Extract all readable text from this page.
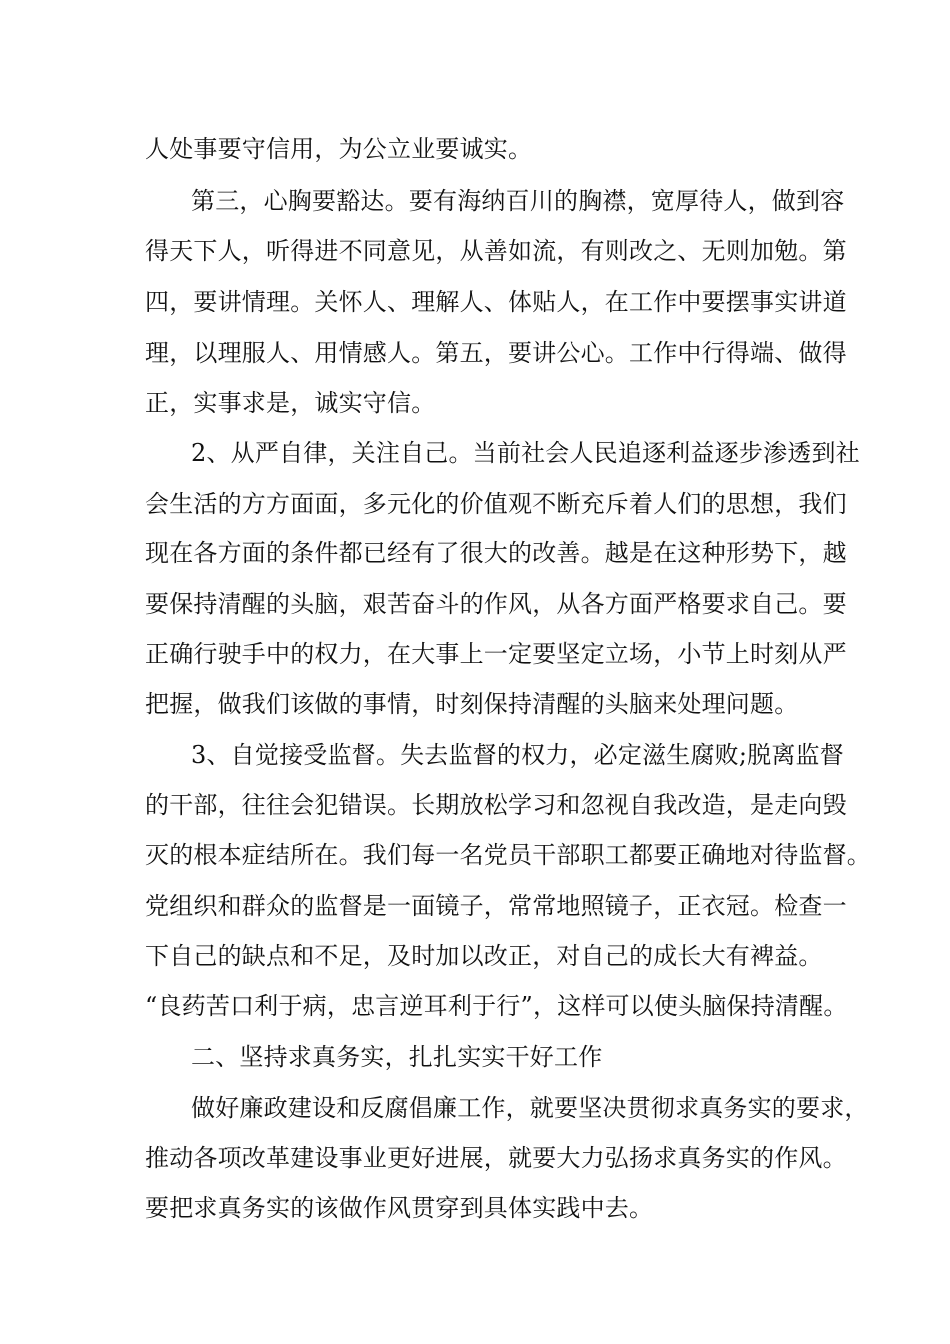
人处事要守信用，为公立业要诚实。

第三，心胸要豁达。要有海纳百川的胸襟，宽厚待人，做到容

得天下人，听得进不同意见，从善如流，有则改之、无则加勉。第

四，要讲情理。关怀人、理解人、体贴人，在工作中要摆事实讲道

理，以理服人、用情感人。第五，要讲公心。工作中行得端、做得

正，实事求是，诚实守信。

2、从严自律，关注自己。当前社会人民追逐利益逐步渗透到社

会生活的方方面面，多元化的价值观不断充斥着人们的思想，我们

现在各方面的条件都已经有了很大的改善。越是在这种形势下，越

要保持清醒的头脑，艰苦奋斗的作风，从各方面严格要求自己。要

正确行驶手中的权力，在大事上一定要坚定立场，小节上时刻从严

把握，做我们该做的事情，时刻保持清醒的头脑来处理问题。

3、自觉接受监督。失去监督的权力，必定滋生腐败;脱离监督

的干部，往往会犯错误。长期放松学习和忽视自我改造，是走向毁

灭的根本症结所在。我们每一名党员干部职工都要正确地对待监督。

党组织和群众的监督是一面镜子，常常地照镜子，正衣冠。检查一

下自己的缺点和不足，及时加以改正，对自己的成长大有裨益。

“良药苦口利于病，忠言逆耳利于行”，这样可以使头脑保持清醒。

二、坚持求真务实，扎扎实实干好工作

做好廉政建设和反腐倡廉工作，就要坚决贯彻求真务实的要求，

推动各项改革建设事业更好进展，就要大力弘扬求真务实的作风。

要把求真务实的该做作风贯穿到具体实践中去。
